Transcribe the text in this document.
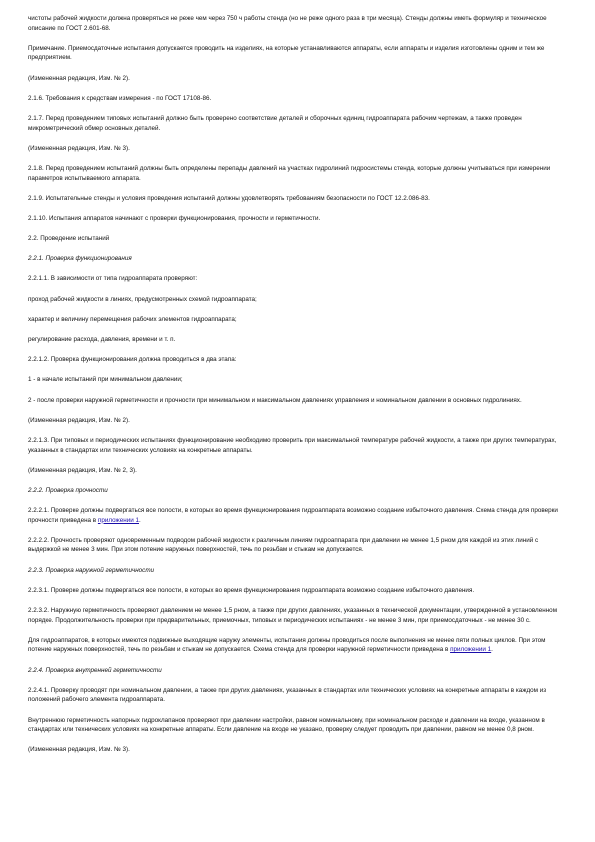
чистоты рабочей жидкости должна проверяться не реже чем через 750 ч работы стенда (но не реже одного раза в три месяца). Стенды должны иметь формуляр и техническое описание по ГОСТ 2.601-68.

Примечание. Приемосдаточные испытания допускается проводить на изделиях, на которые устанавливаются аппараты, если аппараты и изделия изготовлены одним и тем же предприятием.

(Измененная редакция, Изм. № 2).

2.1.6. Требования к средствам измерения - по ГОСТ 17108-86.

2.1.7. Перед проведением типовых испытаний должно быть проверено соответствие деталей и сборочных единиц гидроаппарата рабочим чертежам, а также проведен микрометрический обмер основных деталей.

(Измененная редакция, Изм. № 3).

2.1.8. Перед проведением испытаний должны быть определены перепады давлений на участках гидролиний гидросистемы стенда, которые должны учитываться при измерении параметров испытываемого аппарата.

2.1.9. Испытательные стенды и условия проведения испытаний должны удовлетворять требованиям безопасности по ГОСТ 12.2.086-83.

2.1.10. Испытания аппаратов начинают с проверки функционирования, прочности и герметичности.

2.2. Проведение испытаний

2.2.1. Проверка функционирования

2.2.1.1. В зависимости от типа гидроаппарата проверяют:

проход рабочей жидкости в линиях, предусмотренных схемой гидроаппарата;

характер и величину перемещения рабочих элементов гидроаппарата;

регулирование расхода, давления, времени и т. п.

2.2.1.2. Проверка функционирования должна проводиться в два этапа:

1 - в начале испытаний при минимальном давлении;

2 - после проверки наружной герметичности и прочности при минимальном и максимальном давлениях управления и номинальном давлении в основных гидролиниях.

(Измененная редакция, Изм. № 2).

2.2.1.3. При типовых и периодических испытаниях функционирование необходимо проверить при максимальной температуре рабочей жидкости, а также при других температурах, указанных в стандартах или технических условиях на конкретные аппараты.

(Измененная редакция, Изм. № 2, 3).

2.2.2. Проверка прочности

2.2.2.1. Проверке должны подвергаться все полости, в которых во время функционирования гидроаппарата возможно создание избыточного давления. Схема стенда для проверки прочности приведена в приложении 1.

2.2.2.2. Прочность проверяют одновременным подводом рабочей жидкости к различным линиям гидроаппарата при давлении не менее 1,5 рном для каждой из этих линий с выдержкой не менее 3 мин. При этом потение наружных поверхностей, течь по резьбам и стыкам не допускается.

2.2.3. Проверка наружной герметичности

2.2.3.1. Проверке должны подвергаться все полости, в которых во время функционирования гидроаппарата возможно создание избыточного давления.

2.2.3.2. Наружную герметичность проверяют давлением не менее 1,5 рном, а также при других давлениях, указанных в технической документации, утвержденной в установленном порядке. Продолжительность проверки при предварительных, приемочных, типовых и периодических испытаниях - не менее 3 мин, при приемосдаточных - не менее 30 с.

Для гидроаппаратов, в которых имеются подвижные выходящие наружу элементы, испытания должны проводиться после выполнения не менее пяти полных циклов. При этом потение наружных поверхностей, течь по резьбам и стыкам не допускается. Схема стенда для проверки наружной герметичности приведена в приложении 1.

2.2.4. Проверка внутренней герметичности

2.2.4.1. Проверку проводят при номинальном давлении, а также при других давлениях, указанных в стандартах или технических условиях на конкретные аппараты в каждом из положений рабочего элемента гидроаппарата.

Внутреннюю герметичность напорных гидроклапанов проверяют при давлении настройки, равном номинальному, при номинальном расходе и давлении на входе, указанном в стандартах или технических условиях на конкретные аппараты. Если давление на входе не указано, проверку следует проводить при давлении, равном не менее 0,8 рном.

(Измененная редакция, Изм. № 3).
